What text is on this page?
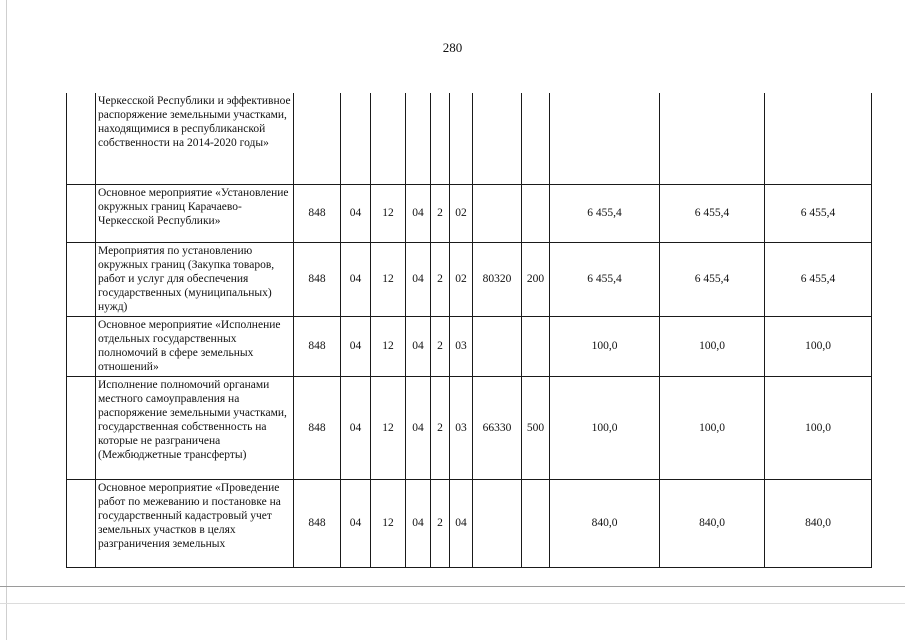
280
	Черкесской Республики и эффективное распоряжение земельными участками, находящимися в республиканской собственности на 2014-2020 годы»											
	Основное мероприятие «Установление окружных границ Карачаево-Черкесской Республики»	848	04	12	04	2	02			6 455,4	6 455,4	6 455,4
	Мероприятия по установлению окружных границ (Закупка товаров, работ и услуг для обеспечения государственных (муниципальных) нужд)	848	04	12	04	2	02	80320	200	6 455,4	6 455,4	6 455,4
	Основное мероприятие «Исполнение отдельных государственных полномочий в сфере земельных отношений»	848	04	12	04	2	03			100,0	100,0	100,0
	Исполнение полномочий органами местного самоуправления на распоряжение земельными участками, государственная собственность на которые не разграничена (Межбюджетные трансферты)	848	04	12	04	2	03	66330	500	100,0	100,0	100,0
	Основное мероприятие «Проведение работ по межеванию и постановке на государственный кадастровый учет земельных участков в целях разграничения земельных	848	04	12	04	2	04			840,0	840,0	840,0
